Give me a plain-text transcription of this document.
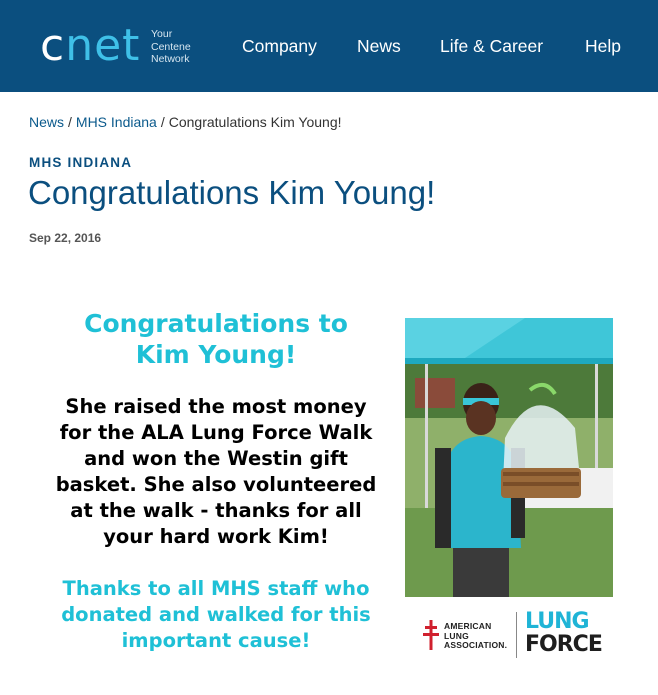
cnet Your
Centene
Network
Company News Life & Career Help
News / MHS Indiana / Congratulations Kim Young!
MHS INDIANA
Congratulations Kim Young!
Sep 22, 2016
Congratulations to
Kim Young!
She raised the most money for the ALA Lung Force Walk and won the Westin gift basket. She also volunteered at the walk - thanks for all your hard work Kim!
Thanks to all MHS staff who donated and walked for this important cause!
AMERICAN
LUNG
ASSOCIATION.
LUNG
FORCE
